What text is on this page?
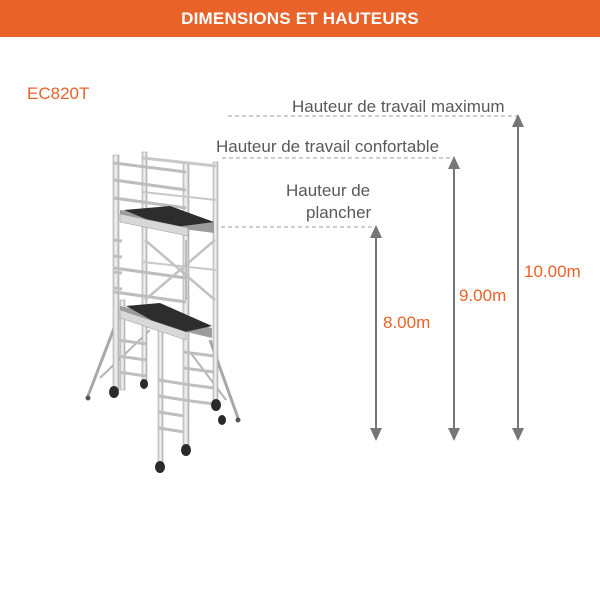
DIMENSIONS ET HAUTEURS
EC820T
Hauteur de travail maximum
Hauteur de travail confortable
Hauteur de
plancher
8.00m
9.00m
10.00m
